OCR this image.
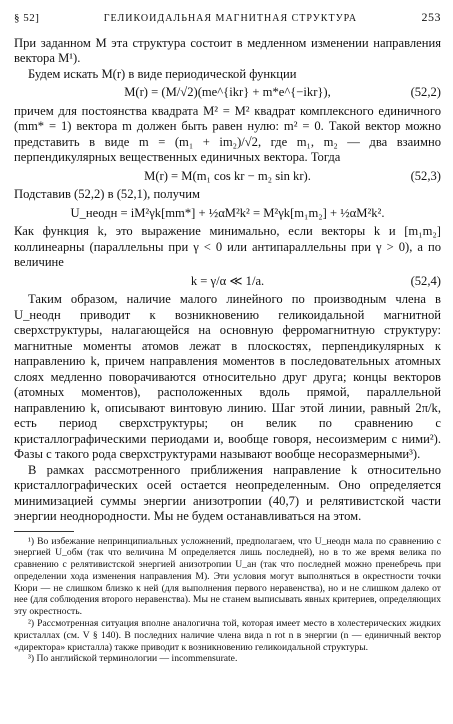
§ 52]	ГЕЛИКОИДАЛЬНАЯ МАГНИТНАЯ СТРУКТУРА	253

При заданном M эта структура состоит в медленном изменении направления вектора M¹).

Будем искать M(r) в виде периодической функции

M(r) = (M/√2)(me^{ikr} + m*e^{−ikr}),	(52,2)

причем для постоянства квадрата M² = M² квадрат комплексного единичного (mm* = 1) вектора m должен быть равен нулю: m² = 0. Такой вектор можно представить в виде m = (m₁ + im₂)/√2, где m₁, m₂ — два взаимно перпендикулярных вещественных единичных вектора. Тогда

M(r) = M(m₁ cos kr − m₂ sin kr).	(52,3)

Подставив (52,2) в (52,1), получим

U_неодн = iM²γk[mm*] + ½αM²k² = M²γk[m₁m₂] + ½αM²k².

Как функция k, это выражение минимально, если векторы k и [m₁m₂] коллинеарны (параллельны при γ < 0 или антипараллельны при γ > 0), а по величине

k = γ/α ≪ 1/a.	(52,4)

Таким образом, наличие малого линейного по производным члена в U_неодн приводит к возникновению геликоидальной магнитной сверхструктуры, налагающейся на основную ферромагнитную структуру: магнитные моменты атомов лежат в плоскостях, перпендикулярных к направлению k, причем направления моментов в последовательных атомных слоях медленно поворачиваются относительно друг друга; концы векторов (атомных моментов), расположенных вдоль прямой, параллельной направлению k, описывают винтовую линию. Шаг этой линии, равный 2π/k, есть период сверхструктуры; он велик по сравнению с кристаллографическими периодами и, вообще говоря, несоизмерим с ними²). Фазы с такого рода сверхструктурами называют вообще несоразмерными³).

В рамках рассмотренного приближения направление k относительно кристаллографических осей остается неопределенным. Оно определяется минимизацией суммы энергии анизотропии (40,7) и релятивистской части энергии неоднородности. Мы не будем останавливаться на этом.

¹) Во избежание непринципиальных усложнений, предполагаем, что U_неодн мала по сравнению с энергией U_обм (так что величина M определяется лишь последней), но в то же время велика по сравнению с релятивистской энергией анизотропии U_ан (так что последней можно пренебречь при определении хода изменения направления M). Эти условия могут выполняться в окрестности точки Кюри — не слишком близко к ней (для выполнения первого неравенства), но и не слишком далеко от нее (для соблюдения второго неравенства). Мы не станем выписывать явных критериев, определяющих эту окрестность.

²) Рассмотренная ситуация вполне аналогична той, которая имеет место в холестерических жидких кристаллах (см. V § 140). В последних наличие члена вида n rot n в энергии (n — единичный вектор «директора» кристалла) также приводит к возникновению геликоидальной структуры.

³) По английской терминологии — incommensurate.
